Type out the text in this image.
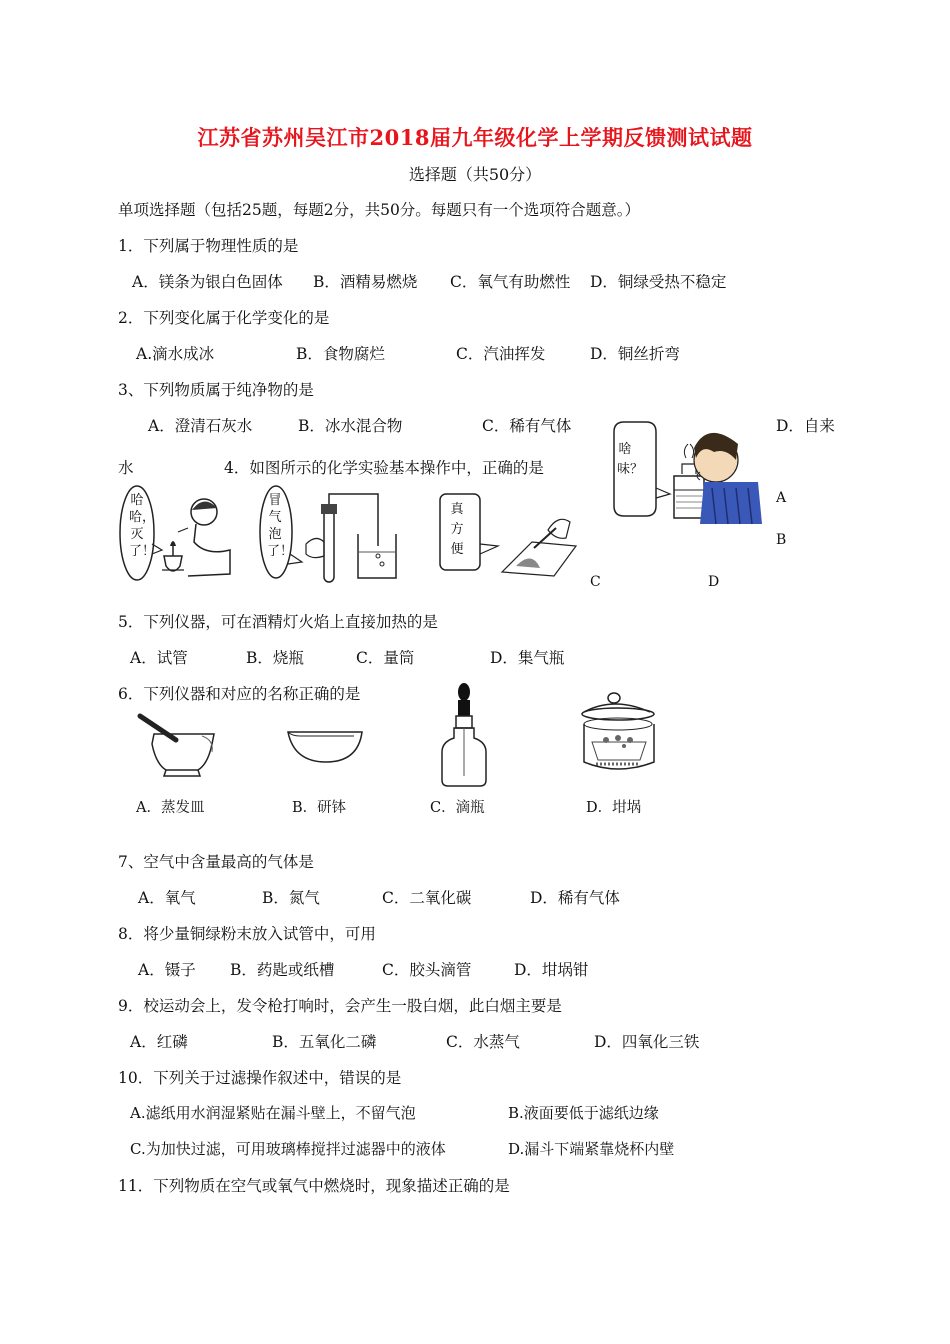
江苏省苏州吴江市2018届九年级化学上学期反馈测试试题
选择题（共50分）
单项选择题（包括25题，每题2分，共50分。每题只有一个选项符合题意。）
1．下列属于物理性质的是
A．镁条为银白色固体 B．酒精易燃烧 C．氧气有助燃性 D．铜绿受热不稳定
2．下列变化属于化学变化的是
A.滴水成冰	B．食物腐烂	C．汽油挥发	D．铜丝折弯
3、下列物质属于纯净物的是
A．澄清石灰水	B．冰水混合物	C．稀有气体	D．自来
水	4．如图所示的化学实验基本操作中，正确的是
哈哈，灭了！
冒气泡了！
真方便
啥味？
A
B
C	D
5．下列仪器，可在酒精灯火焰上直接加热的是
A．试管	B．烧瓶	C．量筒	D．集气瓶
6．下列仪器和对应的名称正确的是
A．蒸发皿	B．研钵	C．滴瓶	D．坩埚
7、空气中含量最高的气体是
A．氧气	B．氮气	C．二氧化碳	D．稀有气体
8．将少量铜绿粉末放入试管中，可用
A．镊子 B．药匙或纸槽	C．胶头滴管	D．坩埚钳
9．校运动会上，发令枪打响时，会产生一股白烟，此白烟主要是
A．红磷	B．五氧化二磷	C．水蒸气	D．四氧化三铁
10．下列关于过滤操作叙述中，错误的是
A.滤纸用水润湿紧贴在漏斗壁上，不留气泡	B.液面要低于滤纸边缘
C.为加快过滤，可用玻璃棒搅拌过滤器中的液体	D.漏斗下端紧靠烧杯内壁
11．下列物质在空气或氧气中燃烧时，现象描述正确的是
